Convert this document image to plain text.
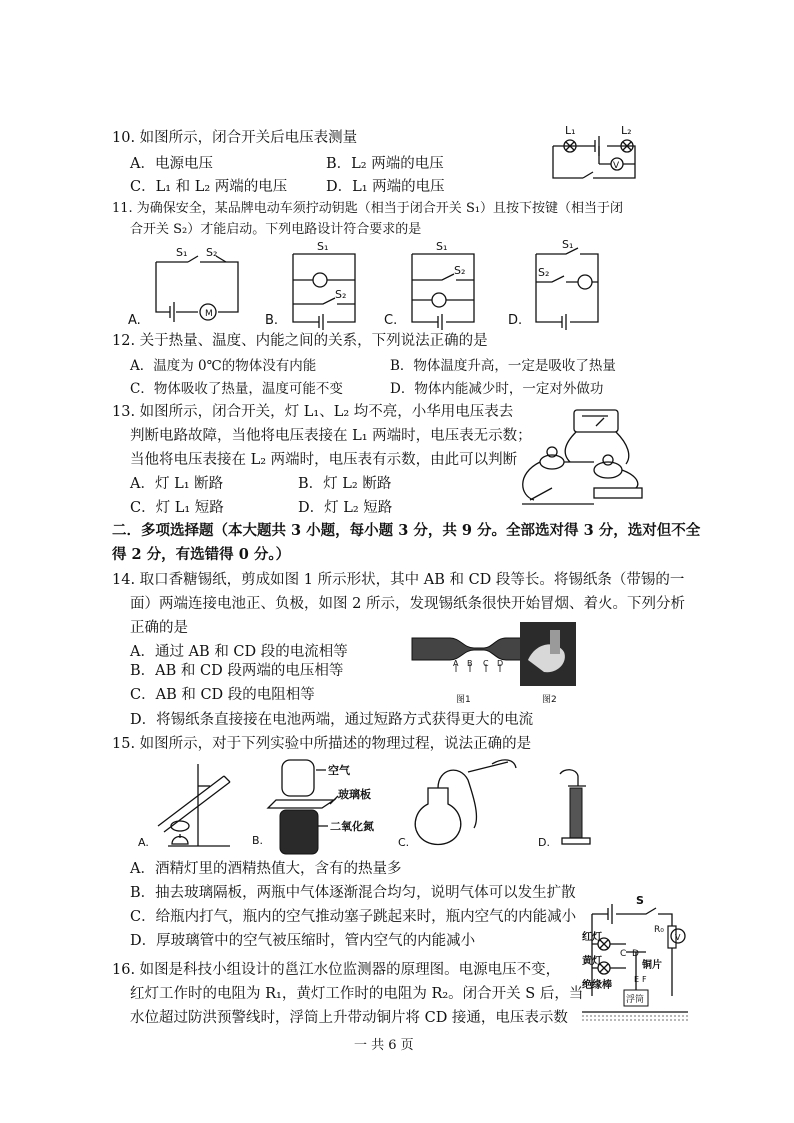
10. 如图所示，闭合开关后电压表测量
A．电源电压	B．L₂ 两端的电压
C．L₁ 和 L₂ 两端的电压	D．L₁ 两端的电压
L₁	L₂
V
11. 为确保安全，某品牌电动车须拧动钥匙（相当于闭合开关 S₁）且按下按键（相当于闭
合开关 S₂）才能启动。下列电路设计符合要求的是
M
S₁ S₂
A.
S₁
S₂
B.
S₁
S₂
C.
S₁
S₂
D.
12. 关于热量、温度、内能之间的关系，下列说法正确的是
A．温度为 0℃的物体没有内能	B．物体温度升高，一定是吸收了热量
C．物体吸收了热量，温度可能不变	D．物体内能减少时，一定对外做功
13. 如图所示，闭合开关，灯 L₁、L₂ 均不亮，小华用电压表去
判断电路故障，当他将电压表接在 L₁ 两端时，电压表无示数；
当他将电压表接在 L₂ 两端时，电压表有示数，由此可以判断
A．灯 L₁ 断路	B．灯 L₂ 断路
C．灯 L₁ 短路	D．灯 L₂ 短路
二．多项选择题（本大题共 3 小题，每小题 3 分，共 9 分。全部选对得 3 分，选对但不全
得 2 分，有选错得 0 分。）
14. 取口香糖锡纸，剪成如图 1 所示形状，其中 AB 和 CD 段等长。将锡纸条（带锡的一
面）两端连接电池正、负极，如图 2 所示，发现锡纸条很快开始冒烟、着火。下列分析
正确的是
A．通过 AB 和 CD 段的电流相等
B．AB 和 CD 段两端的电压相等
C．AB 和 CD 段的电阻相等
D．将锡纸条直接接在电池两端，通过短路方式获得更大的电流
A B C D
图1	图2
15. 如图所示，对于下列实验中所描述的物理过程，说法正确的是
A.
空气
玻璃板
二氧化氮
B.	C.	D.
A．酒精灯里的酒精热值大，含有的热量多
B．抽去玻璃隔板，两瓶中气体逐渐混合均匀，说明气体可以发生扩散
C．给瓶内打气，瓶内的空气推动塞子跳起来时，瓶内空气的内能减小
D．厚玻璃管中的空气被压缩时，管内空气的内能减小
16. 如图是科技小组设计的邕江水位监测器的原理图。电源电压不变，
红灯工作时的电阻为 R₁，黄灯工作时的电阻为 R₂。闭合开关 S 后，当
水位超过防洪预警线时，浮筒上升带动铜片将 CD 接通，电压表示数
S
红灯
黄灯
C D
铜片
R₀
V
E F
绝缘棒
浮筒
一 共 6 页
